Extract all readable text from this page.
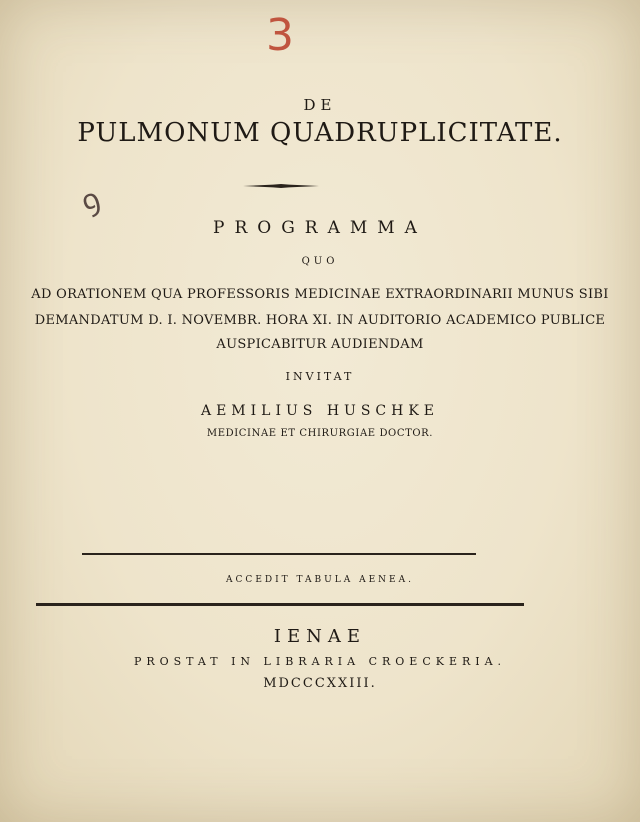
3
ꝯ
DE
PULMONUM QUADRUPLICITATE.
PROGRAMMA
QUO
AD ORATIONEM QUA PROFESSORIS MEDICINAE EXTRAORDINARII MUNUS SIBI
DEMANDATUM D. I. NOVEMBR. HORA XI. IN AUDITORIO ACADEMICO PUBLICE
AUSPICABITUR AUDIENDAM
INVITAT
AEMILIUS HUSCHKE
MEDICINAE ET CHIRURGIAE DOCTOR.
ACCEDIT TABULA AENEA.
IENAE
PROSTAT IN LIBRARIA CROECKERIA.
MDCCCXXIII.
